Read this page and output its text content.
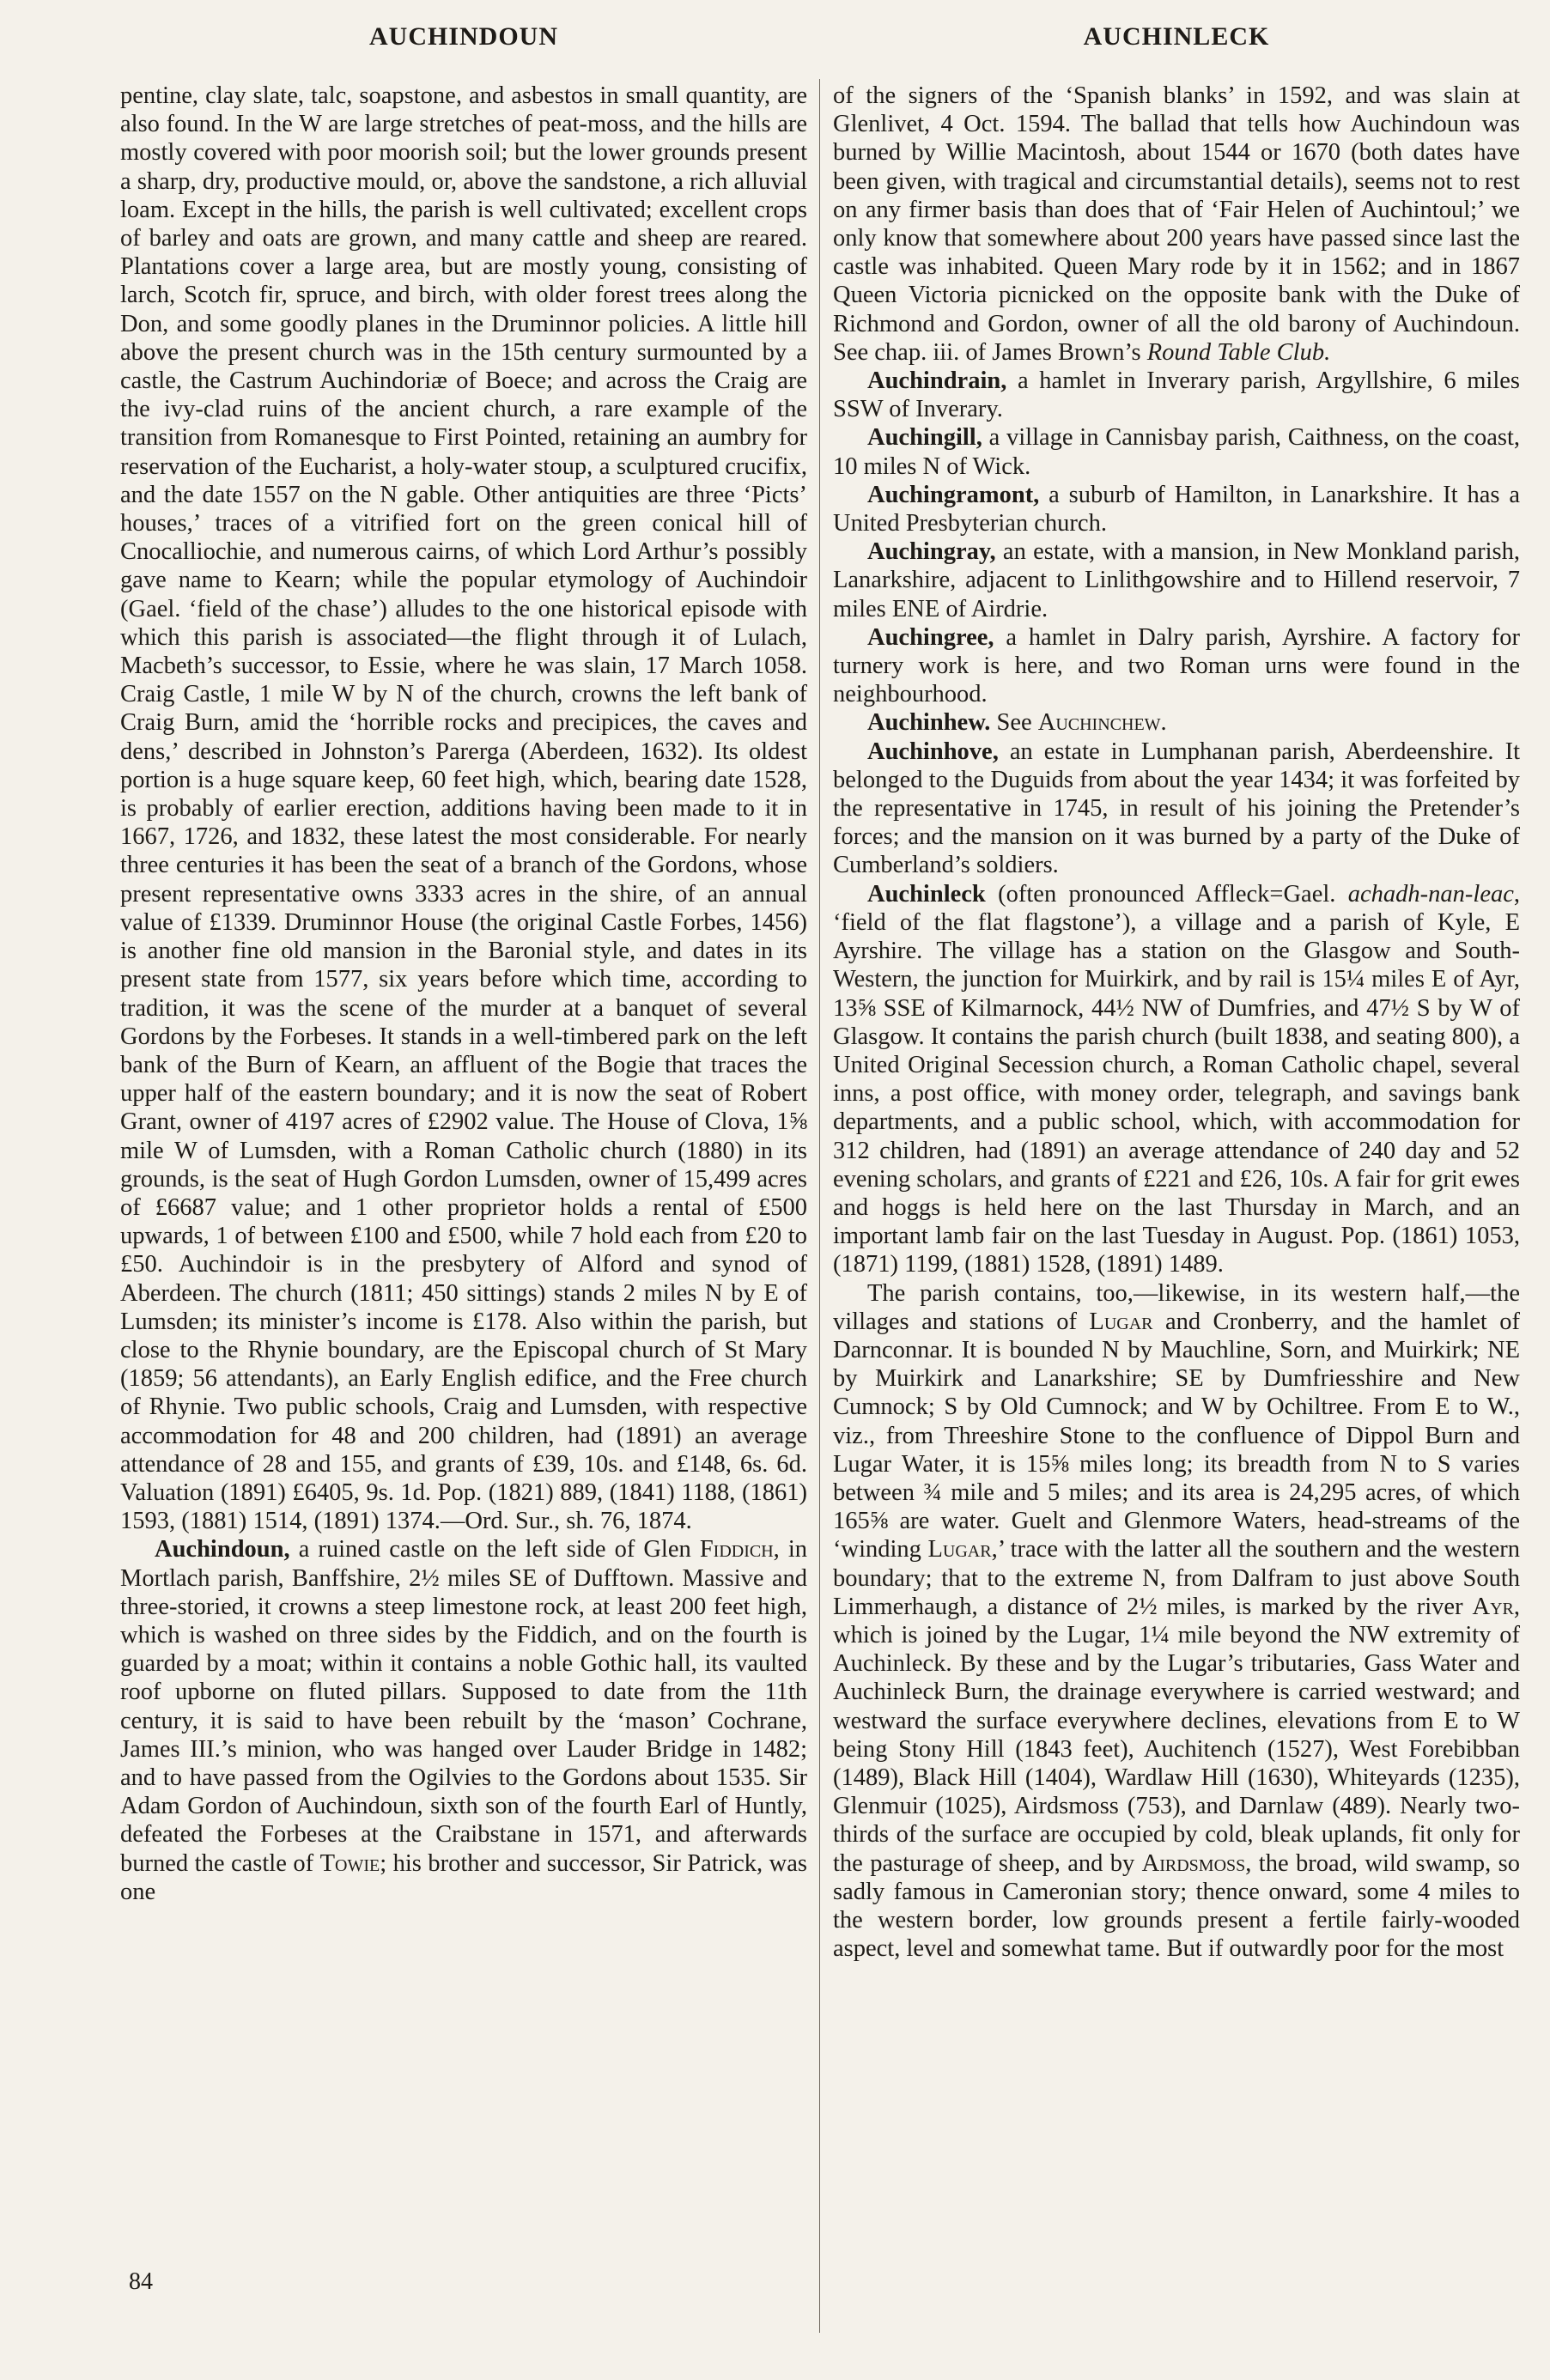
AUCHINDOUN	AUCHINLECK

pentine, clay slate, talc, soapstone, and asbestos in small quantity, are also found. In the W are large stretches of peat-moss, and the hills are mostly covered with poor moorish soil; but the lower grounds present a sharp, dry, productive mould, or, above the sandstone, a rich alluvial loam. Except in the hills, the parish is well cultivated; excellent crops of barley and oats are grown, and many cattle and sheep are reared. Plantations cover a large area, but are mostly young, consisting of larch, Scotch fir, spruce, and birch, with older forest trees along the Don, and some goodly planes in the Druminnor policies. A little hill above the present church was in the 15th century surmounted by a castle, the Castrum Auchindoriæ of Boece; and across the Craig are the ivy-clad ruins of the ancient church, a rare example of the transition from Romanesque to First Pointed, retaining an aumbry for reservation of the Eucharist, a holy-water stoup, a sculptured crucifix, and the date 1557 on the N gable. Other antiquities are three ‘Picts’ houses,’ traces of a vitrified fort on the green conical hill of Cnocalliochie, and numerous cairns, of which Lord Arthur’s possibly gave name to Kearn; while the popular etymology of Auchindoir (Gael. ‘field of the chase’) alludes to the one historical episode with which this parish is associated—the flight through it of Lulach, Macbeth’s successor, to Essie, where he was slain, 17 March 1058. Craig Castle, 1 mile W by N of the church, crowns the left bank of Craig Burn, amid the ‘horrible rocks and precipices, the caves and dens,’ described in Johnston’s Parerga (Aberdeen, 1632). Its oldest portion is a huge square keep, 60 feet high, which, bearing date 1528, is probably of earlier erection, additions having been made to it in 1667, 1726, and 1832, these latest the most considerable. For nearly three centuries it has been the seat of a branch of the Gordons, whose present representative owns 3333 acres in the shire, of an annual value of £1339. Druminnor House (the original Castle Forbes, 1456) is another fine old mansion in the Baronial style, and dates in its present state from 1577, six years before which time, according to tradition, it was the scene of the murder at a banquet of several Gordons by the Forbeses. It stands in a well-timbered park on the left bank of the Burn of Kearn, an affluent of the Bogie that traces the upper half of the eastern boundary; and it is now the seat of Robert Grant, owner of 4197 acres of £2902 value. The House of Clova, 1⅝ mile W of Lumsden, with a Roman Catholic church (1880) in its grounds, is the seat of Hugh Gordon Lumsden, owner of 15,499 acres of £6687 value; and 1 other proprietor holds a rental of £500 upwards, 1 of between £100 and £500, while 7 hold each from £20 to £50. Auchindoir is in the presbytery of Alford and synod of Aberdeen. The church (1811; 450 sittings) stands 2 miles N by E of Lumsden; its minister’s income is £178. Also within the parish, but close to the Rhynie boundary, are the Episcopal church of St Mary (1859; 56 attendants), an Early English edifice, and the Free church of Rhynie. Two public schools, Craig and Lumsden, with respective accommodation for 48 and 200 children, had (1891) an average attendance of 28 and 155, and grants of £39, 10s. and £148, 6s. 6d. Valuation (1891) £6405, 9s. 1d. Pop. (1821) 889, (1841) 1188, (1861) 1593, (1881) 1514, (1891) 1374.—Ord. Sur., sh. 76, 1874.

Auchindoun, a ruined castle on the left side of Glen Fiddich, in Mortlach parish, Banffshire, 2½ miles SE of Dufftown. Massive and three-storied, it crowns a steep limestone rock, at least 200 feet high, which is washed on three sides by the Fiddich, and on the fourth is guarded by a moat; within it contains a noble Gothic hall, its vaulted roof upborne on fluted pillars. Supposed to date from the 11th century, it is said to have been rebuilt by the ‘mason’ Cochrane, James III.’s minion, who was hanged over Lauder Bridge in 1482; and to have passed from the Ogilvies to the Gordons about 1535. Sir Adam Gordon of Auchindoun, sixth son of the fourth Earl of Huntly, defeated the Forbeses at the Craibstane in 1571, and afterwards burned the castle of Towie; his brother and successor, Sir Patrick, was one

of the signers of the ‘Spanish blanks’ in 1592, and was slain at Glenlivet, 4 Oct. 1594. The ballad that tells how Auchindoun was burned by Willie Macintosh, about 1544 or 1670 (both dates have been given, with tragical and circumstantial details), seems not to rest on any firmer basis than does that of ‘Fair Helen of Auchintoul;’ we only know that somewhere about 200 years have passed since last the castle was inhabited. Queen Mary rode by it in 1562; and in 1867 Queen Victoria picnicked on the opposite bank with the Duke of Richmond and Gordon, owner of all the old barony of Auchindoun. See chap. iii. of James Brown’s Round Table Club.

Auchindrain, a hamlet in Inverary parish, Argyllshire, 6 miles SSW of Inverary.

Auchingill, a village in Cannisbay parish, Caithness, on the coast, 10 miles N of Wick.

Auchingramont, a suburb of Hamilton, in Lanarkshire. It has a United Presbyterian church.

Auchingray, an estate, with a mansion, in New Monkland parish, Lanarkshire, adjacent to Linlithgowshire and to Hillend reservoir, 7 miles ENE of Airdrie.

Auchingree, a hamlet in Dalry parish, Ayrshire. A factory for turnery work is here, and two Roman urns were found in the neighbourhood.

Auchinhew. See Auchinchew.

Auchinhove, an estate in Lumphanan parish, Aberdeenshire. It belonged to the Duguids from about the year 1434; it was forfeited by the representative in 1745, in result of his joining the Pretender’s forces; and the mansion on it was burned by a party of the Duke of Cumberland’s soldiers.

Auchinleck (often pronounced Affleck=Gael. achadh-nan-leac, ‘field of the flat flagstone’), a village and a parish of Kyle, E Ayrshire. The village has a station on the Glasgow and South-Western, the junction for Muirkirk, and by rail is 15¼ miles E of Ayr, 13⅝ SSE of Kilmarnock, 44½ NW of Dumfries, and 47½ S by W of Glasgow. It contains the parish church (built 1838, and seating 800), a United Original Secession church, a Roman Catholic chapel, several inns, a post office, with money order, telegraph, and savings bank departments, and a public school, which, with accommodation for 312 children, had (1891) an average attendance of 240 day and 52 evening scholars, and grants of £221 and £26, 10s. A fair for grit ewes and hoggs is held here on the last Thursday in March, and an important lamb fair on the last Tuesday in August. Pop. (1861) 1053, (1871) 1199, (1881) 1528, (1891) 1489.

The parish contains, too,—likewise, in its western half,—the villages and stations of Lugar and Cronberry, and the hamlet of Darnconnar. It is bounded N by Mauchline, Sorn, and Muirkirk; NE by Muirkirk and Lanarkshire; SE by Dumfriesshire and New Cumnock; S by Old Cumnock; and W by Ochiltree. From E to W., viz., from Threeshire Stone to the confluence of Dippol Burn and Lugar Water, it is 15⅝ miles long; its breadth from N to S varies between ¾ mile and 5 miles; and its area is 24,295 acres, of which 165⅝ are water. Guelt and Glenmore Waters, head-streams of the ‘winding Lugar,’ trace with the latter all the southern and the western boundary; that to the extreme N, from Dalfram to just above South Limmerhaugh, a distance of 2½ miles, is marked by the river Ayr, which is joined by the Lugar, 1¼ mile beyond the NW extremity of Auchinleck. By these and by the Lugar’s tributaries, Gass Water and Auchinleck Burn, the drainage everywhere is carried westward; and westward the surface everywhere declines, elevations from E to W being Stony Hill (1843 feet), Auchitench (1527), West Forebibban (1489), Black Hill (1404), Wardlaw Hill (1630), Whiteyards (1235), Glenmuir (1025), Airdsmoss (753), and Darnlaw (489). Nearly two-thirds of the surface are occupied by cold, bleak uplands, fit only for the pasturage of sheep, and by Airdsmoss, the broad, wild swamp, so sadly famous in Cameronian story; thence onward, some 4 miles to the western border, low grounds present a fertile fairly-wooded aspect, level and somewhat tame. But if outwardly poor for the most

84
